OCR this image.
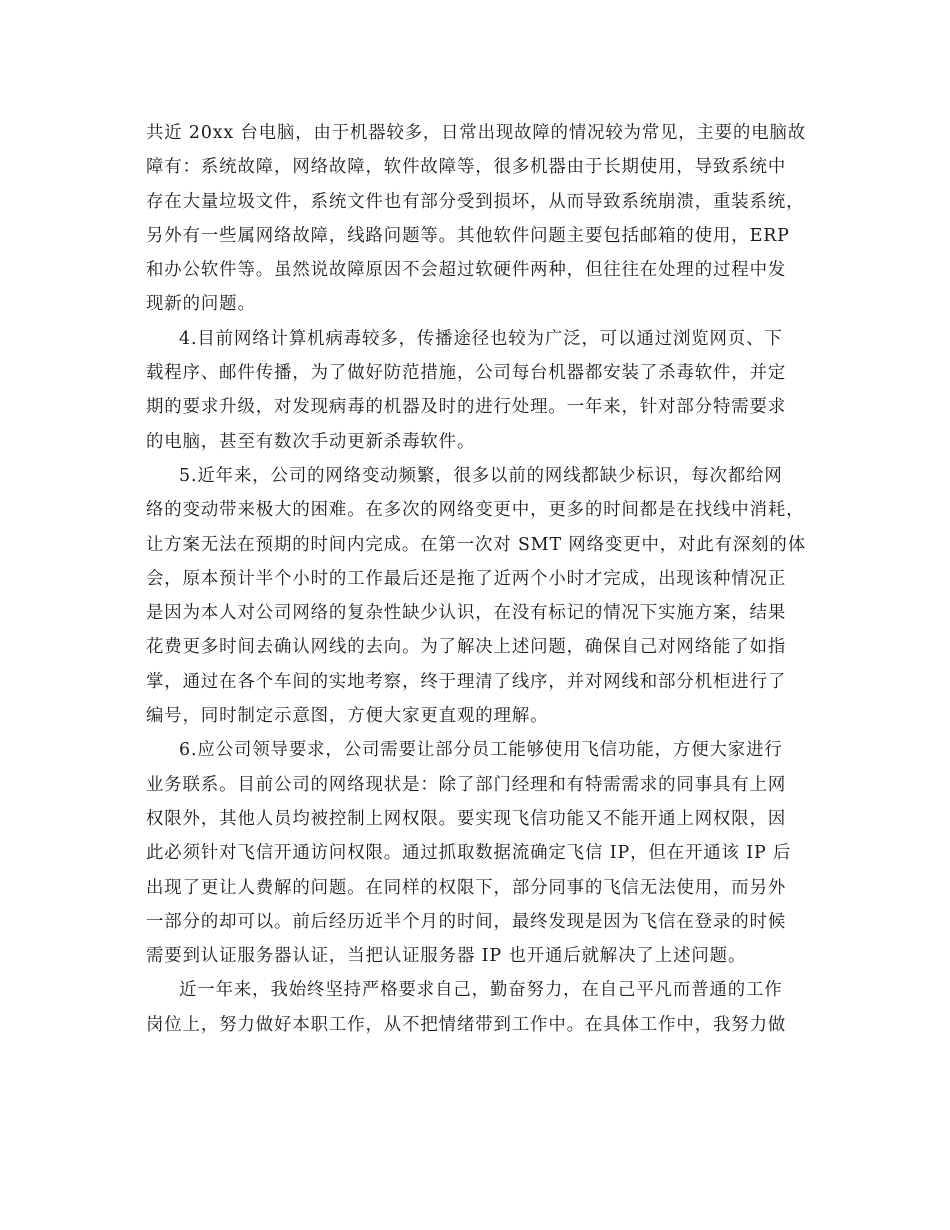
共近 20xx 台电脑，由于机器较多，日常出现故障的情况较为常见，主要的电脑故
障有：系统故障，网络故障，软件故障等，很多机器由于长期使用，导致系统中
存在大量垃圾文件，系统文件也有部分受到损坏，从而导致系统崩溃，重装系统，
另外有一些属网络故障，线路问题等。其他软件问题主要包括邮箱的使用，ERP
和办公软件等。虽然说故障原因不会超过软硬件两种，但往往在处理的过程中发
现新的问题。
4.目前网络计算机病毒较多，传播途径也较为广泛，可以通过浏览网页、下
载程序、邮件传播，为了做好防范措施，公司每台机器都安装了杀毒软件，并定
期的要求升级，对发现病毒的机器及时的进行处理。一年来，针对部分特需要求
的电脑，甚至有数次手动更新杀毒软件。
5.近年来，公司的网络变动频繁，很多以前的网线都缺少标识，每次都给网
络的变动带来极大的困难。在多次的网络变更中，更多的时间都是在找线中消耗，
让方案无法在预期的时间内完成。在第一次对 SMT 网络变更中，对此有深刻的体
会，原本预计半个小时的工作最后还是拖了近两个小时才完成，出现该种情况正
是因为本人对公司网络的复杂性缺少认识，在没有标记的情况下实施方案，结果
花费更多时间去确认网线的去向。为了解决上述问题，确保自己对网络能了如指
掌，通过在各个车间的实地考察，终于理清了线序，并对网线和部分机柜进行了
编号，同时制定示意图，方便大家更直观的理解。
6.应公司领导要求，公司需要让部分员工能够使用飞信功能，方便大家进行
业务联系。目前公司的网络现状是：除了部门经理和有特需需求的同事具有上网
权限外，其他人员均被控制上网权限。要实现飞信功能又不能开通上网权限，因
此必须针对飞信开通访问权限。通过抓取数据流确定飞信 IP，但在开通该 IP 后
出现了更让人费解的问题。在同样的权限下，部分同事的飞信无法使用，而另外
一部分的却可以。前后经历近半个月的时间，最终发现是因为飞信在登录的时候
需要到认证服务器认证，当把认证服务器 IP 也开通后就解决了上述问题。
近一年来，我始终坚持严格要求自己，勤奋努力，在自己平凡而普通的工作
岗位上，努力做好本职工作，从不把情绪带到工作中。在具体工作中，我努力做
